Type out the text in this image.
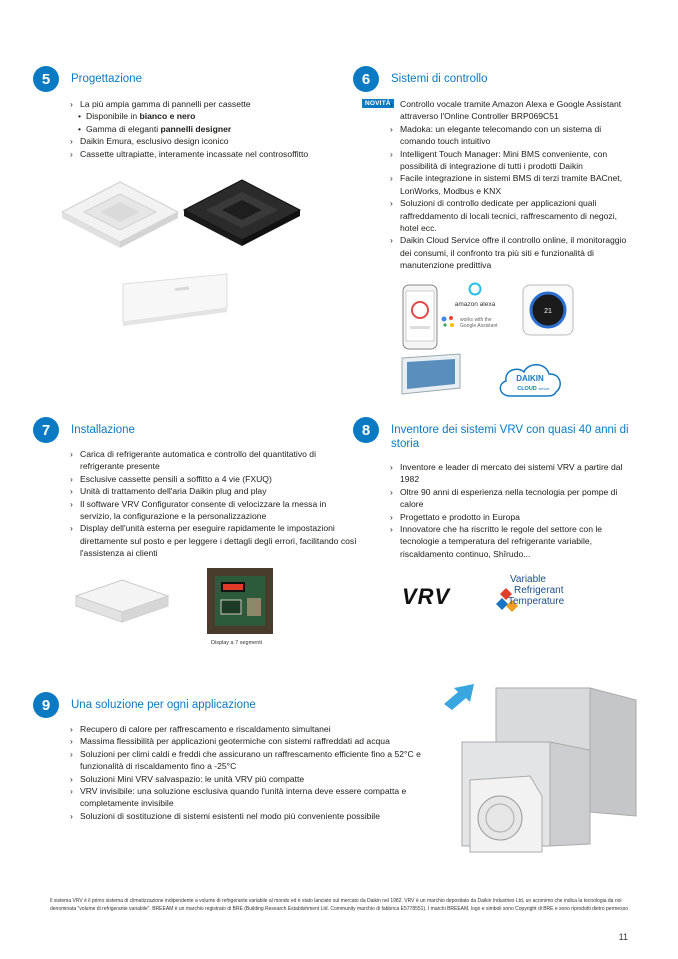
5	Progettazione
› La più ampia gamma di pannelli per cassette
• Disponibile in bianco e nero
• Gamma di eleganti pannelli designer
› Daikin Emura, esclusivo design iconico
› Cassette ultrapiatte, interamente incassate nel controsoffitto
6	Sistemi di controllo
NOVITÀ
›	Controllo vocale tramite Amazon Alexa e Google Assistant attraverso l'Online Controller BRP069C51
› Madoka: un elegante telecomando con un sistema di comando touch intuitivo
› Intelligent Touch Manager: Mini BMS conveniente, con possibilità di integrazione di tutti i prodotti Daikin
› Facile integrazione in sistemi BMS di terzi tramite BACnet, LonWorks, Modbus e KNX
› Soluzioni di controllo dedicate per applicazioni quali raffreddamento di locali tecnici, raffrescamento di negozi, hotel ecc.
› Daikin Cloud Service offre il controllo online, il monitoraggio dei consumi, il confronto tra più siti e funzionalità di manutenzione predittiva
amazon alexa
works with the
Google Assistant
21
DAIKIN
CLOUD service
7	Installazione
› Carica di refrigerante automatica e controllo del quantitativo di refrigerante presente
› Esclusive cassette pensili a soffitto a 4 vie (FXUQ)
› Unità di trattamento dell'aria Daikin plug and play
› Il software VRV Configurator consente di velocizzare la messa in servizio, la configurazione e la personalizzazione
› Display dell'unità esterna per eseguire rapidamente le impostazioni direttamente sul posto e per leggere i dettagli degli errori, facilitando così l'assistenza ai clienti
Display a 7 segmenti
8	Inventore dei sistemi VRV con quasi 40 anni di storia
› Inventore e leader di mercato dei sistemi VRV a partire dal 1982
› Oltre 90 anni di esperienza nella tecnologia per pompe di calore
› Progettato e prodotto in Europa
› Innovatore che ha riscritto le regole del settore con le tecnologie a temperatura del refrigerante variabile, riscaldamento continuo, Shîrudo...
VRV
Variable
Refrigerant
Temperature
9	Una soluzione per ogni applicazione
› Recupero di calore per raffrescamento e riscaldamento simultanei
› Massima flessibilità per applicazioni geotermiche con sistemi raffreddati ad acqua
› Soluzioni per climi caldi e freddi che assicurano un raffrescamento efficiente fino a 52°C e funzionalità di riscaldamento fino a -25°C
› Soluzioni Mini VRV salvaspazio: le unità VRV più compatte
› VRV invisibile: una soluzione esclusiva quando l'unità interna deve essere compatta e completamente invisibile
› Soluzioni di sostituzione di sistemi esistenti nel modo più conveniente possibile
Il sistema VRV è il primo sistema di climatizzazione indipendente a volume di refrigerante variabile al mondo ed è stato lanciato sul mercato da Daikin nel 1982. VRV è un marchio depositato da Daikin Industries Ltd, un acronimo che indica la tecnologia da noi denominata "volume di refrigerante variabile". BREEAM è un marchio registrato di BRE (Building Research Establishment Ltd. Community marchio di fabbrica E5778551). I marchi BREEAM, logo e simboli sono Copyright di BRE e sono riprodotti dietro permesso
11
